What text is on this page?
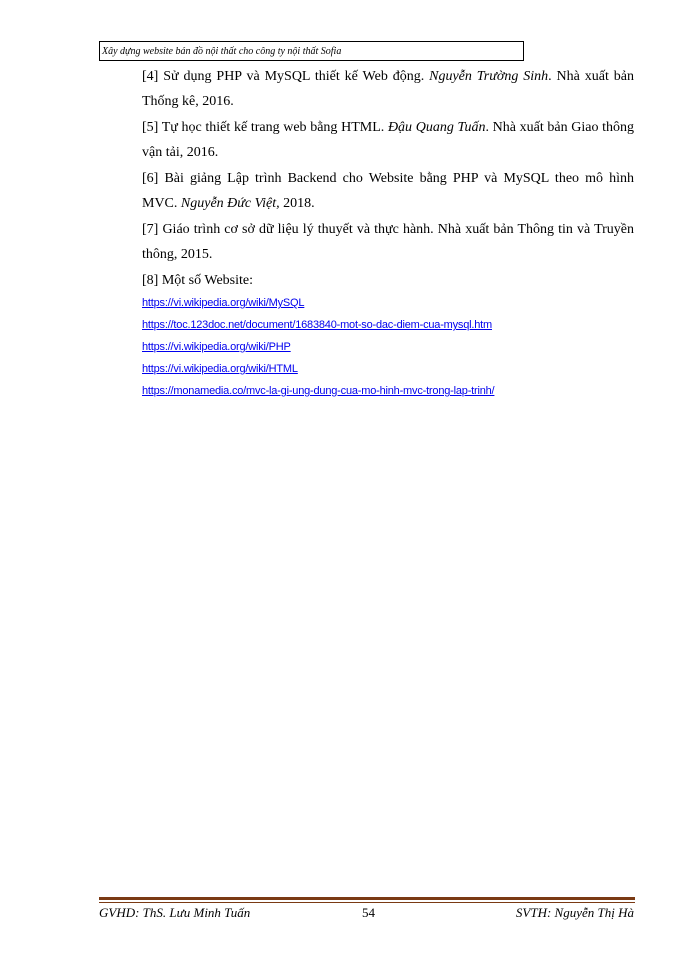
Xây dựng website bán đồ nội thất cho công ty nội thất Sofia

[4] Sử dụng PHP và MySQL thiết kế Web động. Nguyễn Trường Sinh. Nhà xuất bản Thống kê, 2016.

[5] Tự học thiết kế trang web bằng HTML. Đậu Quang Tuấn. Nhà xuất bản Giao thông vận tải, 2016.

[6] Bài giảng Lập trình Backend cho Website bằng PHP và MySQL theo mô hình MVC. Nguyễn Đức Việt, 2018.

[7] Giáo trình cơ sở dữ liệu lý thuyết và thực hành. Nhà xuất bản Thông tin và Truyền thông, 2015.

[8] Một số Website:

https://vi.wikipedia.org/wiki/MySQL
https://toc.123doc.net/document/1683840-mot-so-dac-diem-cua-mysql.htm
https://vi.wikipedia.org/wiki/PHP
https://vi.wikipedia.org/wiki/HTML
https://monamedia.co/mvc-la-gi-ung-dung-cua-mo-hinh-mvc-trong-lap-trinh/
GVHD: ThS. Lưu Minh Tuấn	54	SVTH: Nguyễn Thị Hà
